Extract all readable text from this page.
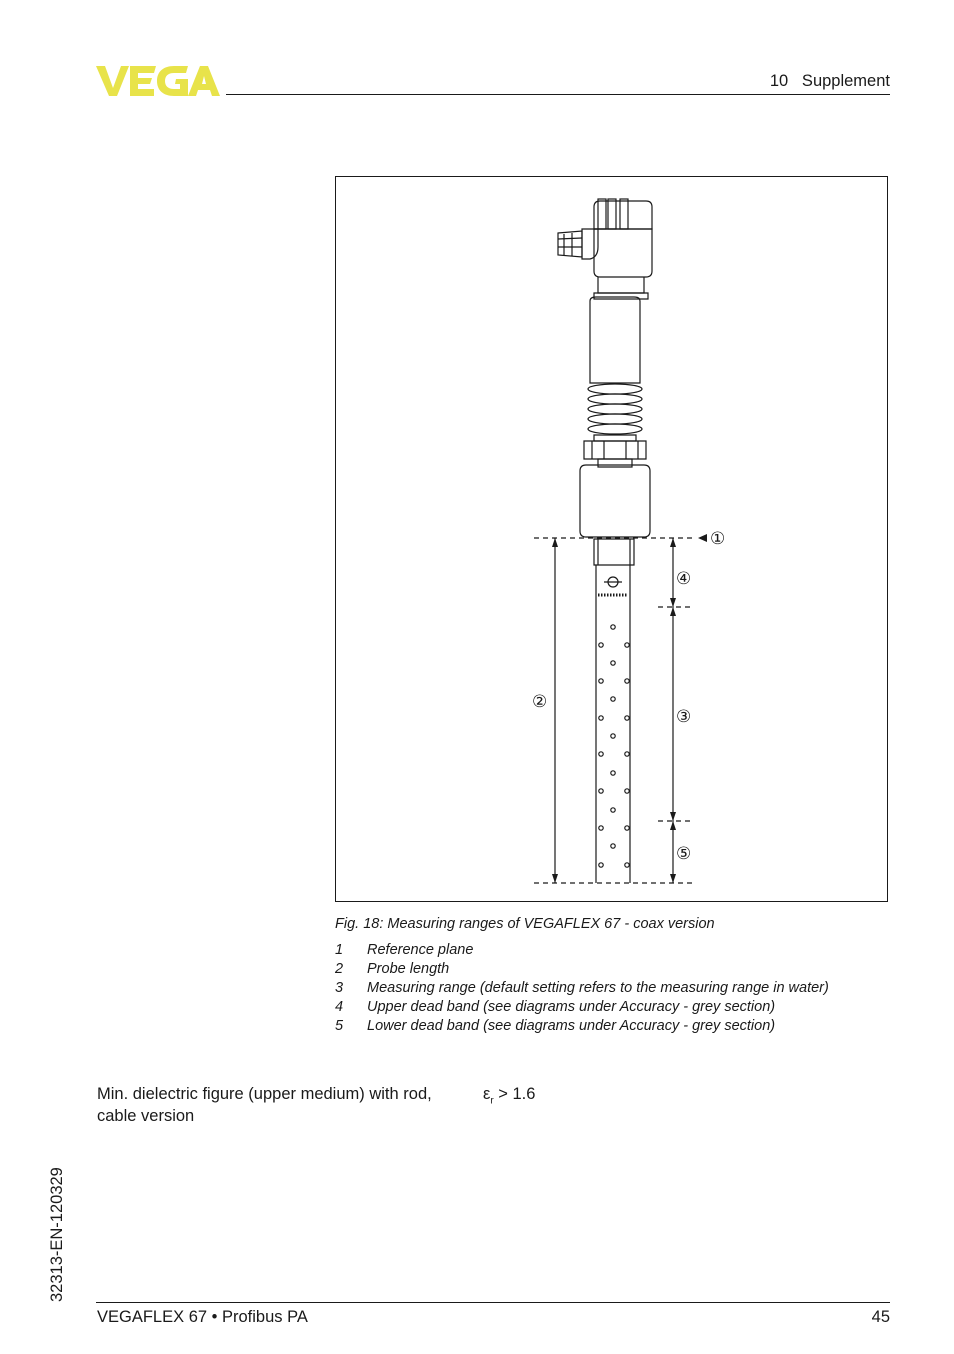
10   Supplement
①
②
③
④
⑤
Fig. 18: Measuring ranges of VEGAFLEX 67 - coax version
1	Reference plane
2	Probe length
3	Measuring range (default setting refers to the measuring range in water)
4	Upper dead band (see diagrams under Accuracy - grey section)
5	Lower dead band (see diagrams under Accuracy - grey section)
Min. dielectric figure (upper medium) with rod, cable version
$\varepsilon_r > 1.6$
32313-EN-120329
VEGAFLEX 67 • Profibus PA	45
